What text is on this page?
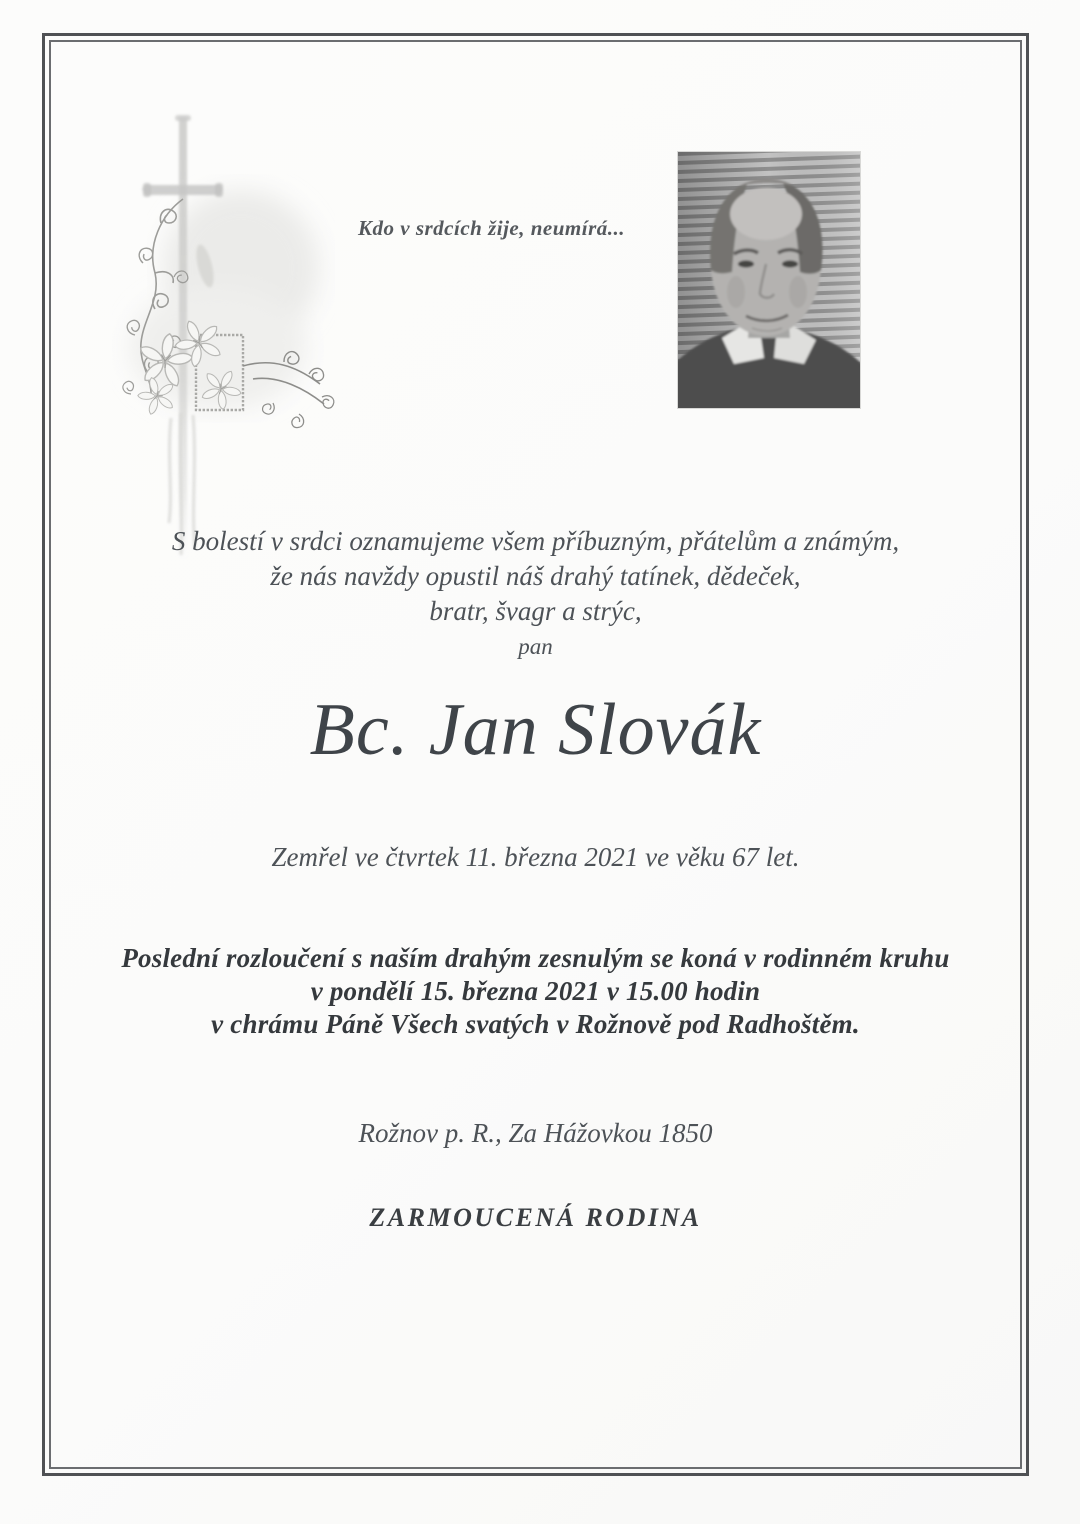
Kdo v srdcích žije, neumírá...
S bolestí v srdci oznamujeme všem příbuzným, přátelům a známým,
že nás navždy opustil náš drahý tatínek, dědeček,
bratr, švagr a strýc,
pan
Bc. Jan Slovák
Zemřel ve čtvrtek 11. března 2021 ve věku 67 let.
Poslední rozloučení s naším drahým zesnulým se koná v rodinném kruhu
v pondělí 15. března 2021 v 15.00 hodin
v chrámu Páně Všech svatých v Rožnově pod Radhoštěm.
Rožnov p. R., Za Hážovkou 1850
ZARMOUCENÁ RODINA
